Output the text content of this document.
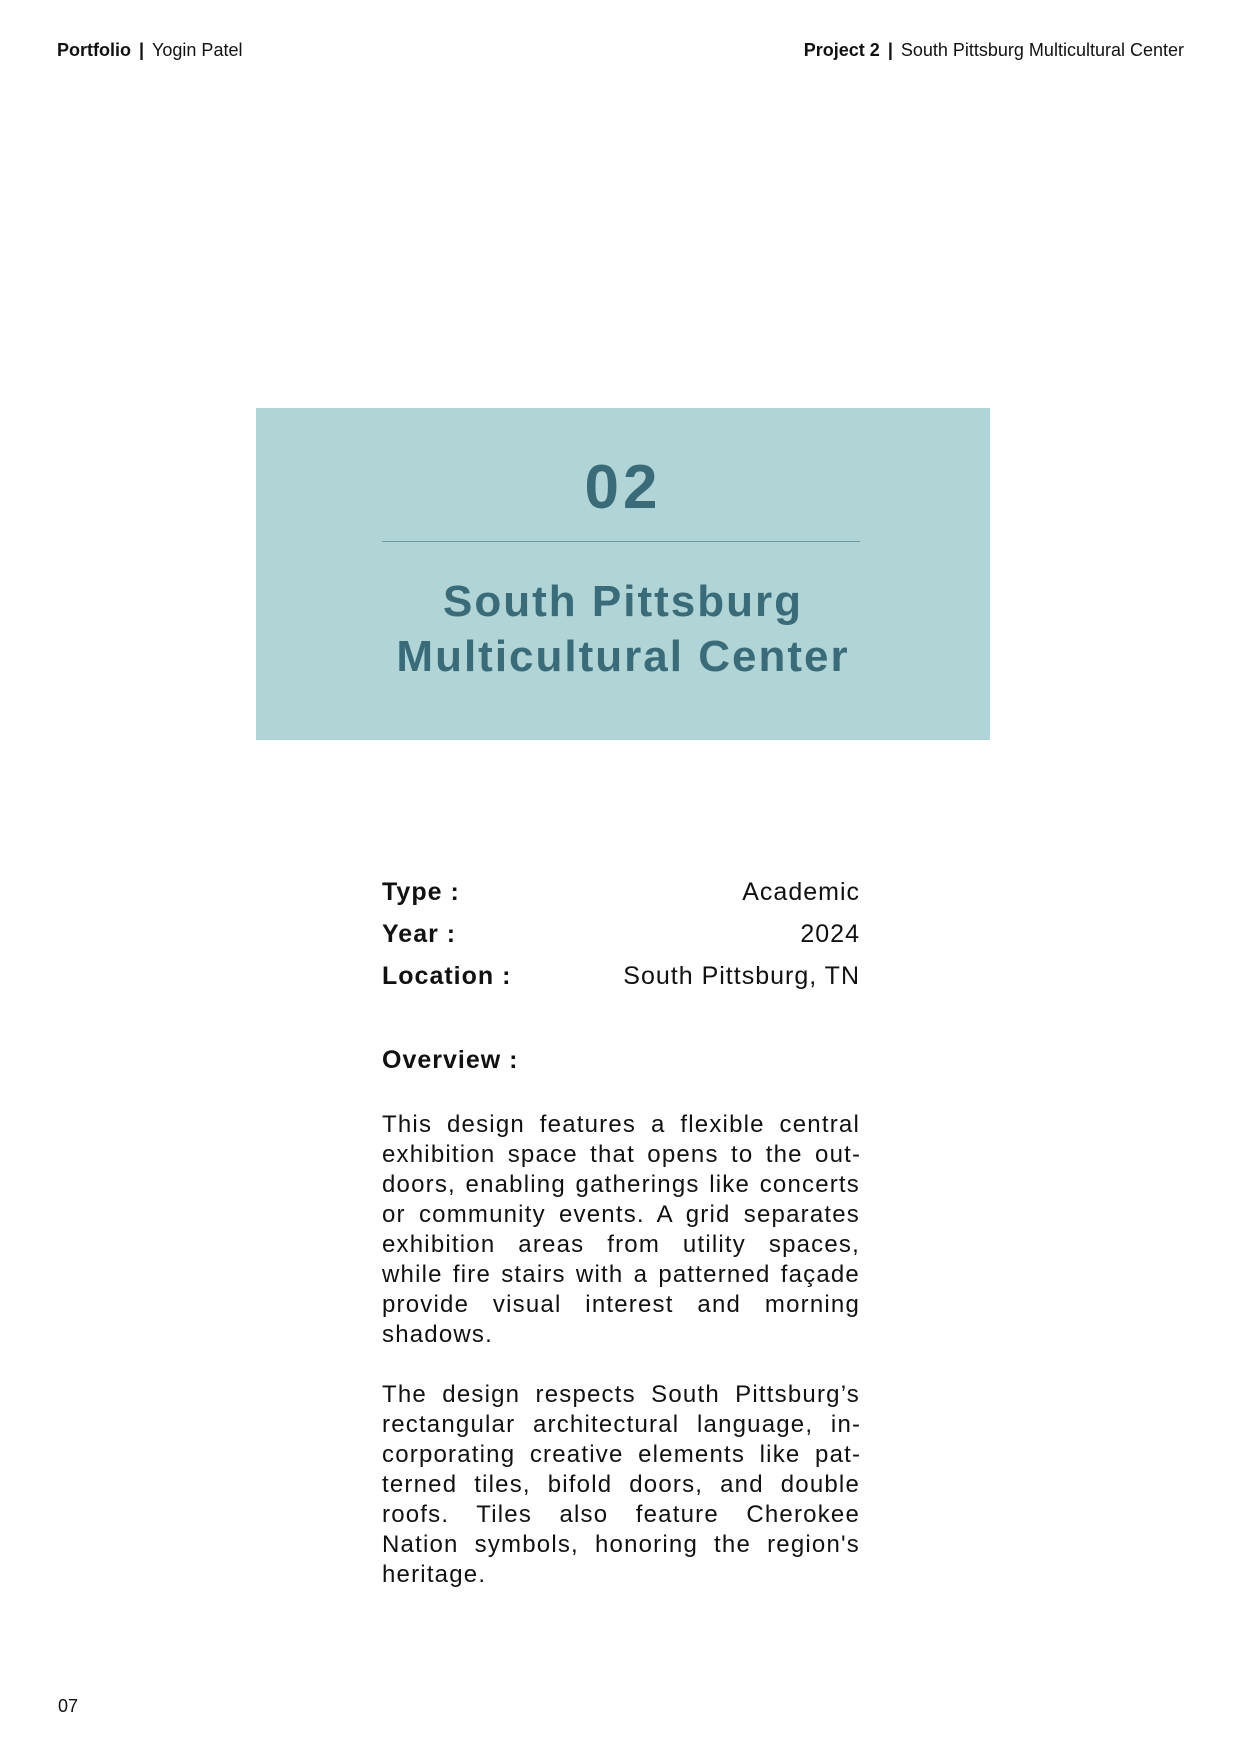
Portfolio | Yogin Patel	Project 2 | South Pittsburg Multicultural Center
02
South Pittsburg
Multicultural Center
Type :	Academic
Year :	2024
Location :	South Pittsburg, TN
Overview :

This design features a flexible central exhibition space that opens to the outdoors, enabling gatherings like concerts or community events. A grid separates exhibition areas from utility spaces, while fire stairs with a patterned façade provide visual interest and morning shadows.

The design respects South Pittsburg’s rectangular architectural language, incorporating creative elements like patterned tiles, bifold doors, and double roofs. Tiles also feature Cherokee Nation symbols, honoring the region's heritage.

07
